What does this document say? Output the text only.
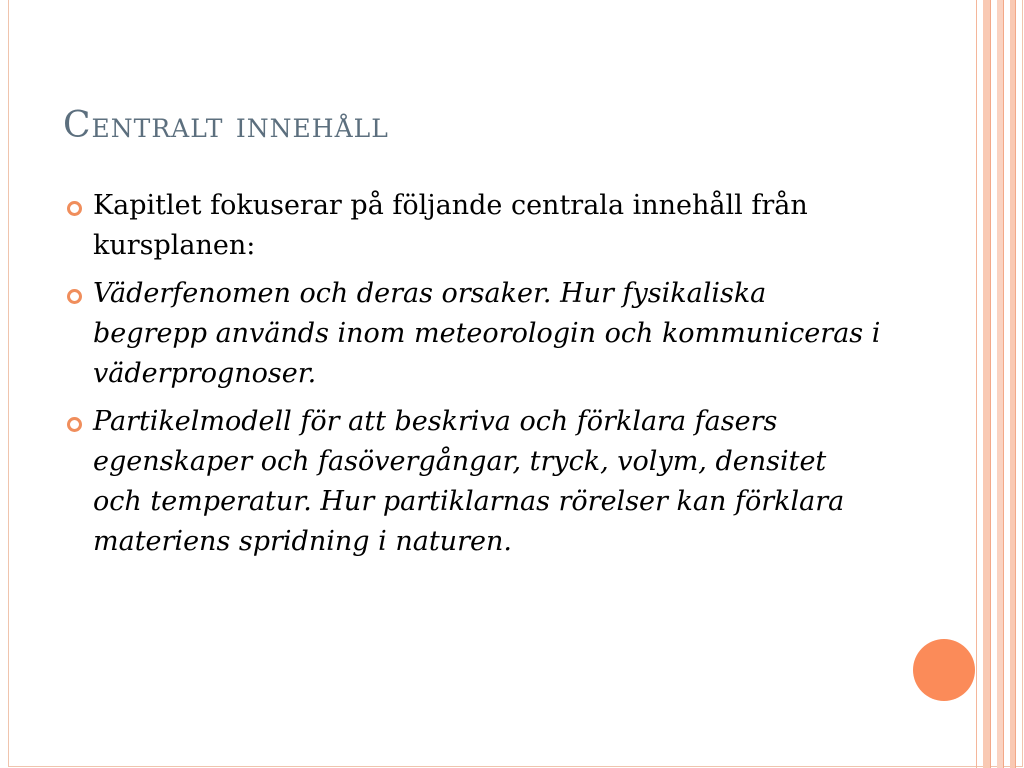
Centralt innehåll
Kapitlet fokuserar på följande centrala innehåll från kursplanen:
Väderfenomen och deras orsaker. Hur fysikaliska begrepp används inom meteorologin och kommuniceras i väderprognoser.
Partikelmodell för att beskriva och förklara fasers egenskaper och fasövergångar, tryck, volym, densitet och temperatur. Hur partiklarnas rörelser kan förklara materiens spridning i naturen.
